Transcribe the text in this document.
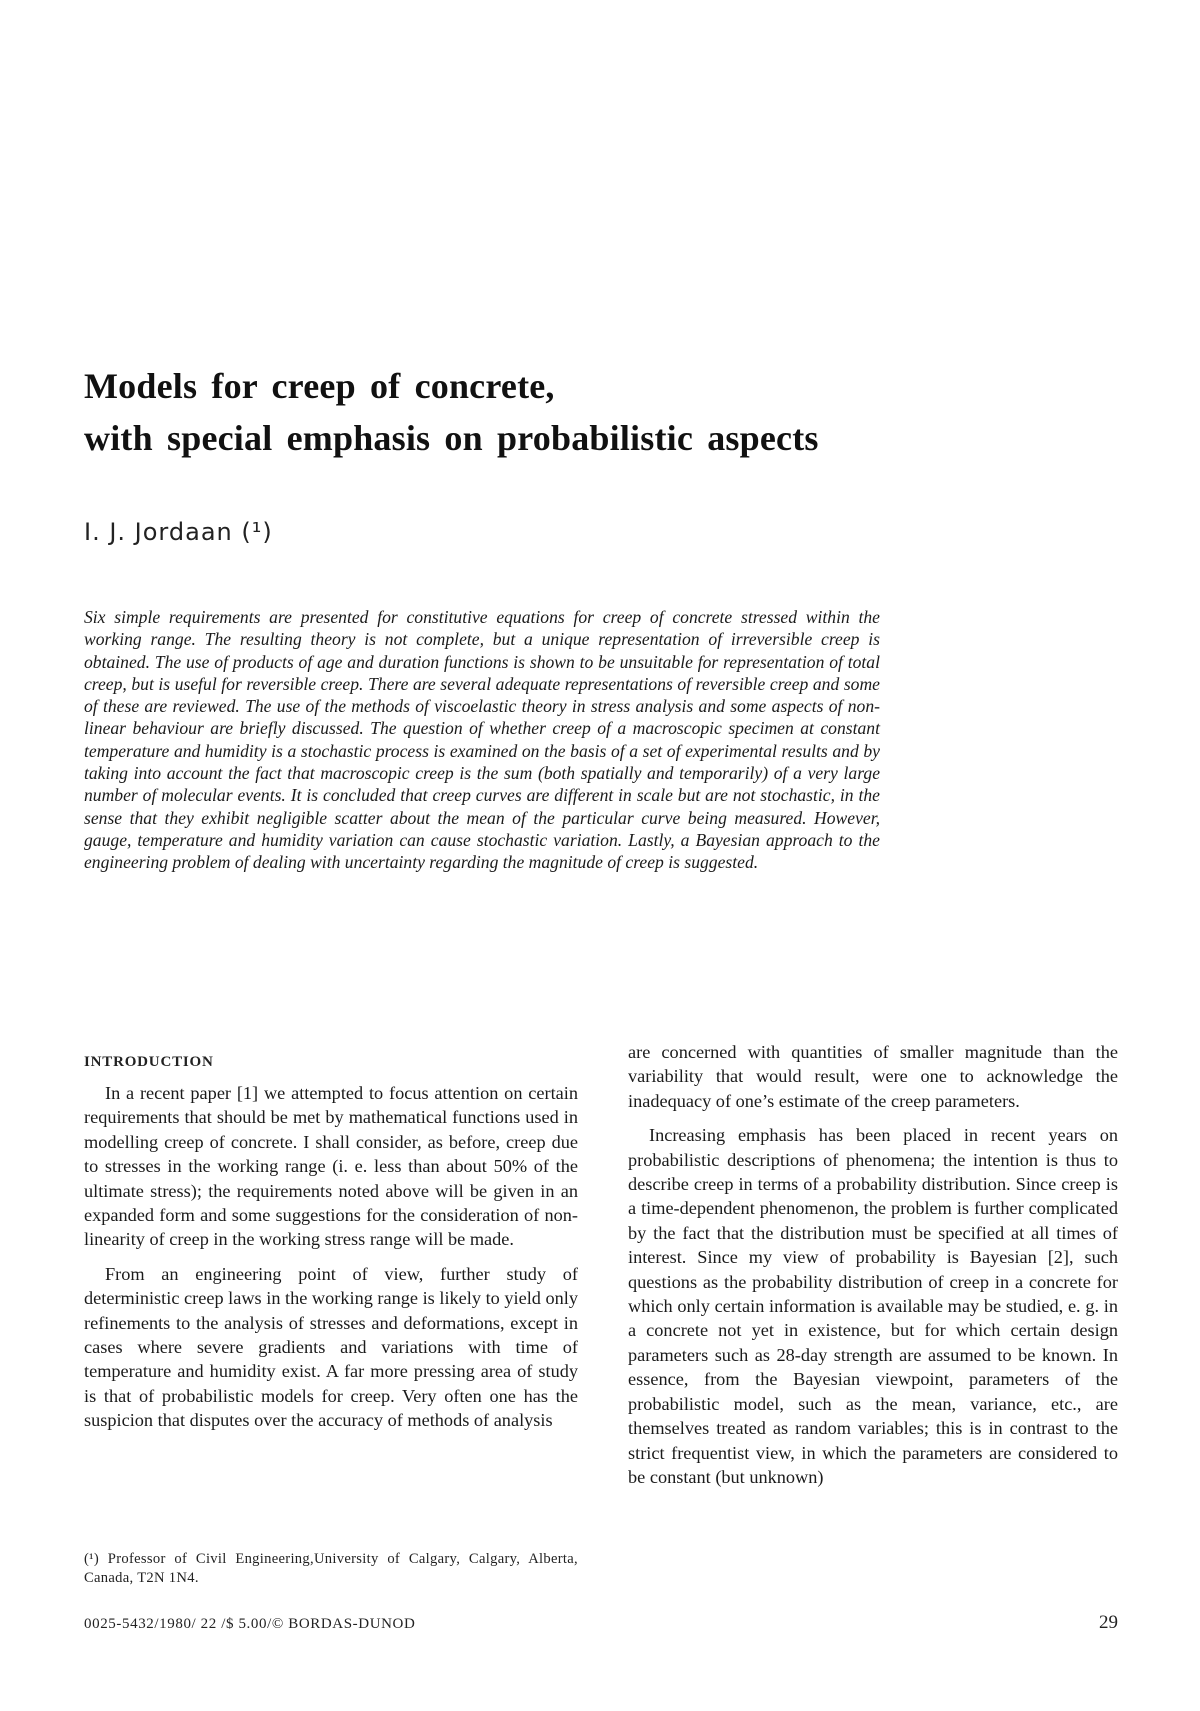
Models for creep of concrete,
with special emphasis on probabilistic aspects
I. J. Jordaan (¹)

Six simple requirements are presented for constitutive equations for creep of concrete stressed within the working range. The resulting theory is not complete, but a unique representation of irreversible creep is obtained. The use of products of age and duration functions is shown to be unsuitable for representation of total creep, but is useful for reversible creep. There are several adequate representations of reversible creep and some of these are reviewed. The use of the methods of viscoelastic theory in stress analysis and some aspects of non-linear behaviour are briefly discussed. The question of whether creep of a macroscopic specimen at constant temperature and humidity is a stochastic process is examined on the basis of a set of experimental results and by taking into account the fact that macroscopic creep is the sum (both spatially and temporarily) of a very large number of molecular events. It is concluded that creep curves are different in scale but are not stochastic, in the sense that they exhibit negligible scatter about the mean of the particular curve being measured. However, gauge, temperature and humidity variation can cause stochastic variation. Lastly, a Bayesian approach to the engineering problem of dealing with uncertainty regarding the magnitude of creep is suggested.

INTRODUCTION

In a recent paper [1] we attempted to focus attention on certain requirements that should be met by mathematical functions used in modelling creep of concrete. I shall consider, as before, creep due to stresses in the working range (i. e. less than about 50% of the ultimate stress); the requirements noted above will be given in an expanded form and some suggestions for the consideration of non-linearity of creep in the working stress range will be made.

From an engineering point of view, further study of deterministic creep laws in the working range is likely to yield only refinements to the analysis of stresses and deformations, except in cases where severe gradients and variations with time of temperature and humidity exist. A far more pressing area of study is that of probabilistic models for creep. Very often one has the suspicion that disputes over the accuracy of methods of analysis

are concerned with quantities of smaller magnitude than the variability that would result, were one to acknowledge the inadequacy of one’s estimate of the creep parameters.

Increasing emphasis has been placed in recent years on probabilistic descriptions of phenomena; the intention is thus to describe creep in terms of a probability distribution. Since creep is a time-dependent phenomenon, the problem is further complicated by the fact that the distribution must be specified at all times of interest. Since my view of probability is Bayesian [2], such questions as the probability distribution of creep in a concrete for which only certain information is available may be studied, e. g. in a concrete not yet in existence, but for which certain design parameters such as 28-day strength are assumed to be known. In essence, from the Bayesian viewpoint, parameters of the probabilistic model, such as the mean, variance, etc., are themselves treated as random variables; this is in contrast to the strict frequentist view, in which the parameters are considered to be constant (but unknown)

(¹) Professor of Civil Engineering,University of Calgary, Calgary, Alberta, Canada, T2N 1N4.

0025-5432/1980/ 22 /$ 5.00/© BORDAS-DUNOD	29
